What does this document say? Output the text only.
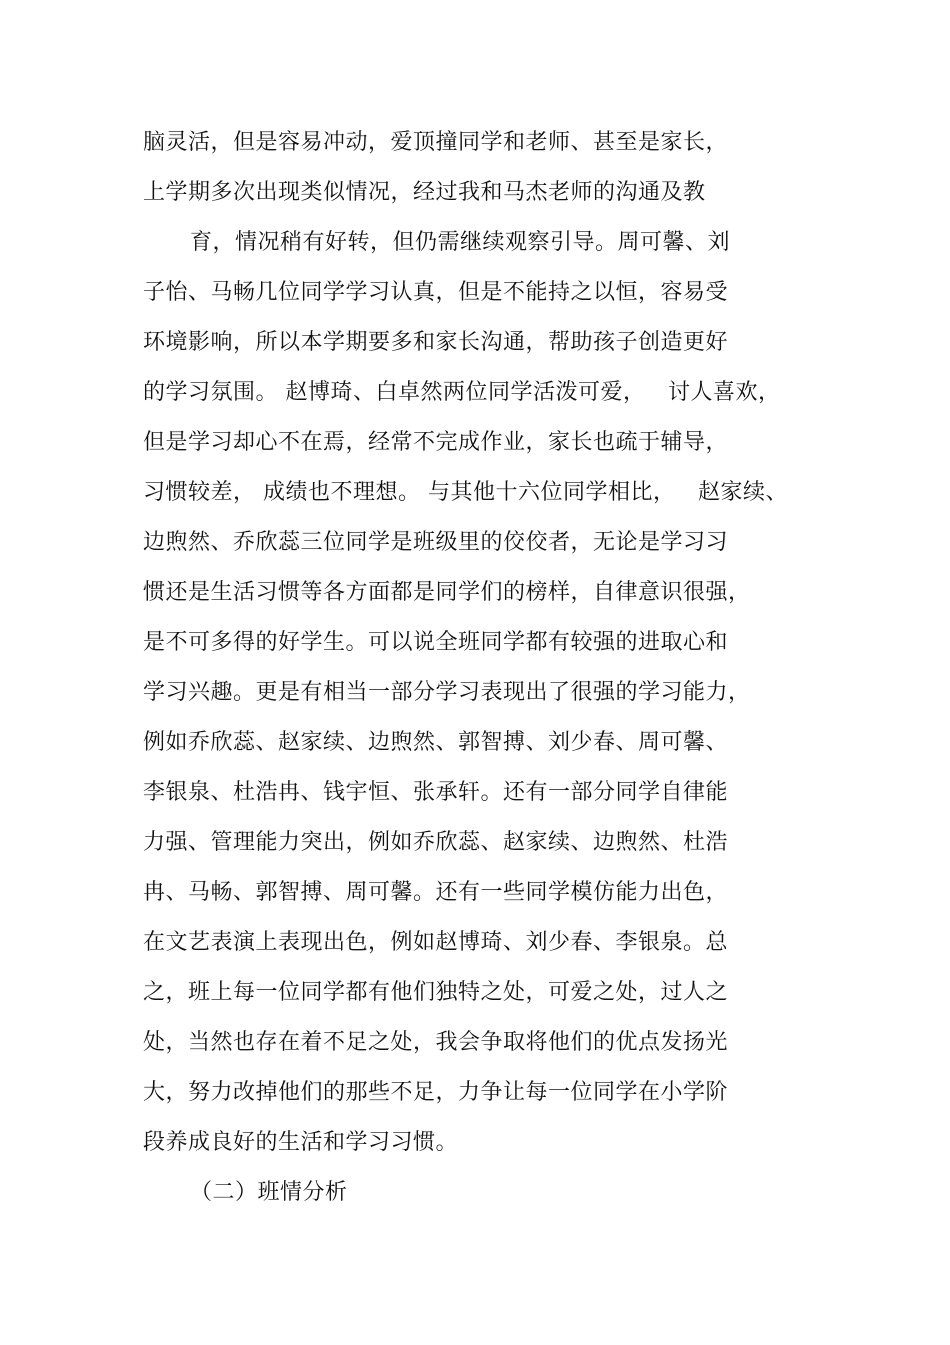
脑灵活，但是容易冲动，爱顶撞同学和老师、甚至是家长，
上学期多次出现类似情况，经过我和马杰老师的沟通及教
育，情况稍有好转，但仍需继续观察引导。周可馨、刘
子怡、马畅几位同学学习认真，但是不能持之以恒，容易受
环境影响，所以本学期要多和家长沟通，帮助孩子创造更好
的学习氛围。 赵博琦、白卓然两位同学活泼可爱，   讨人喜欢，
但是学习却心不在焉，经常不完成作业，家长也疏于辅导，
习惯较差， 成绩也不理想。 与其他十六位同学相比，   赵家续、
边煦然、乔欣蕊三位同学是班级里的佼佼者，无论是学习习
惯还是生活习惯等各方面都是同学们的榜样，自律意识很强，
是不可多得的好学生。可以说全班同学都有较强的进取心和
学习兴趣。更是有相当一部分学习表现出了很强的学习能力，
例如乔欣蕊、赵家续、边煦然、郭智搏、刘少春、周可馨、
李银泉、杜浩冉、钱宇恒、张承轩。还有一部分同学自律能
力强、管理能力突出，例如乔欣蕊、赵家续、边煦然、杜浩
冉、马畅、郭智搏、周可馨。还有一些同学模仿能力出色，
在文艺表演上表现出色，例如赵博琦、刘少春、李银泉。总
之，班上每一位同学都有他们独特之处，可爱之处，过人之
处，当然也存在着不足之处，我会争取将他们的优点发扬光
大，努力改掉他们的那些不足，力争让每一位同学在小学阶
段养成良好的生活和学习习惯。
（二）班情分析
